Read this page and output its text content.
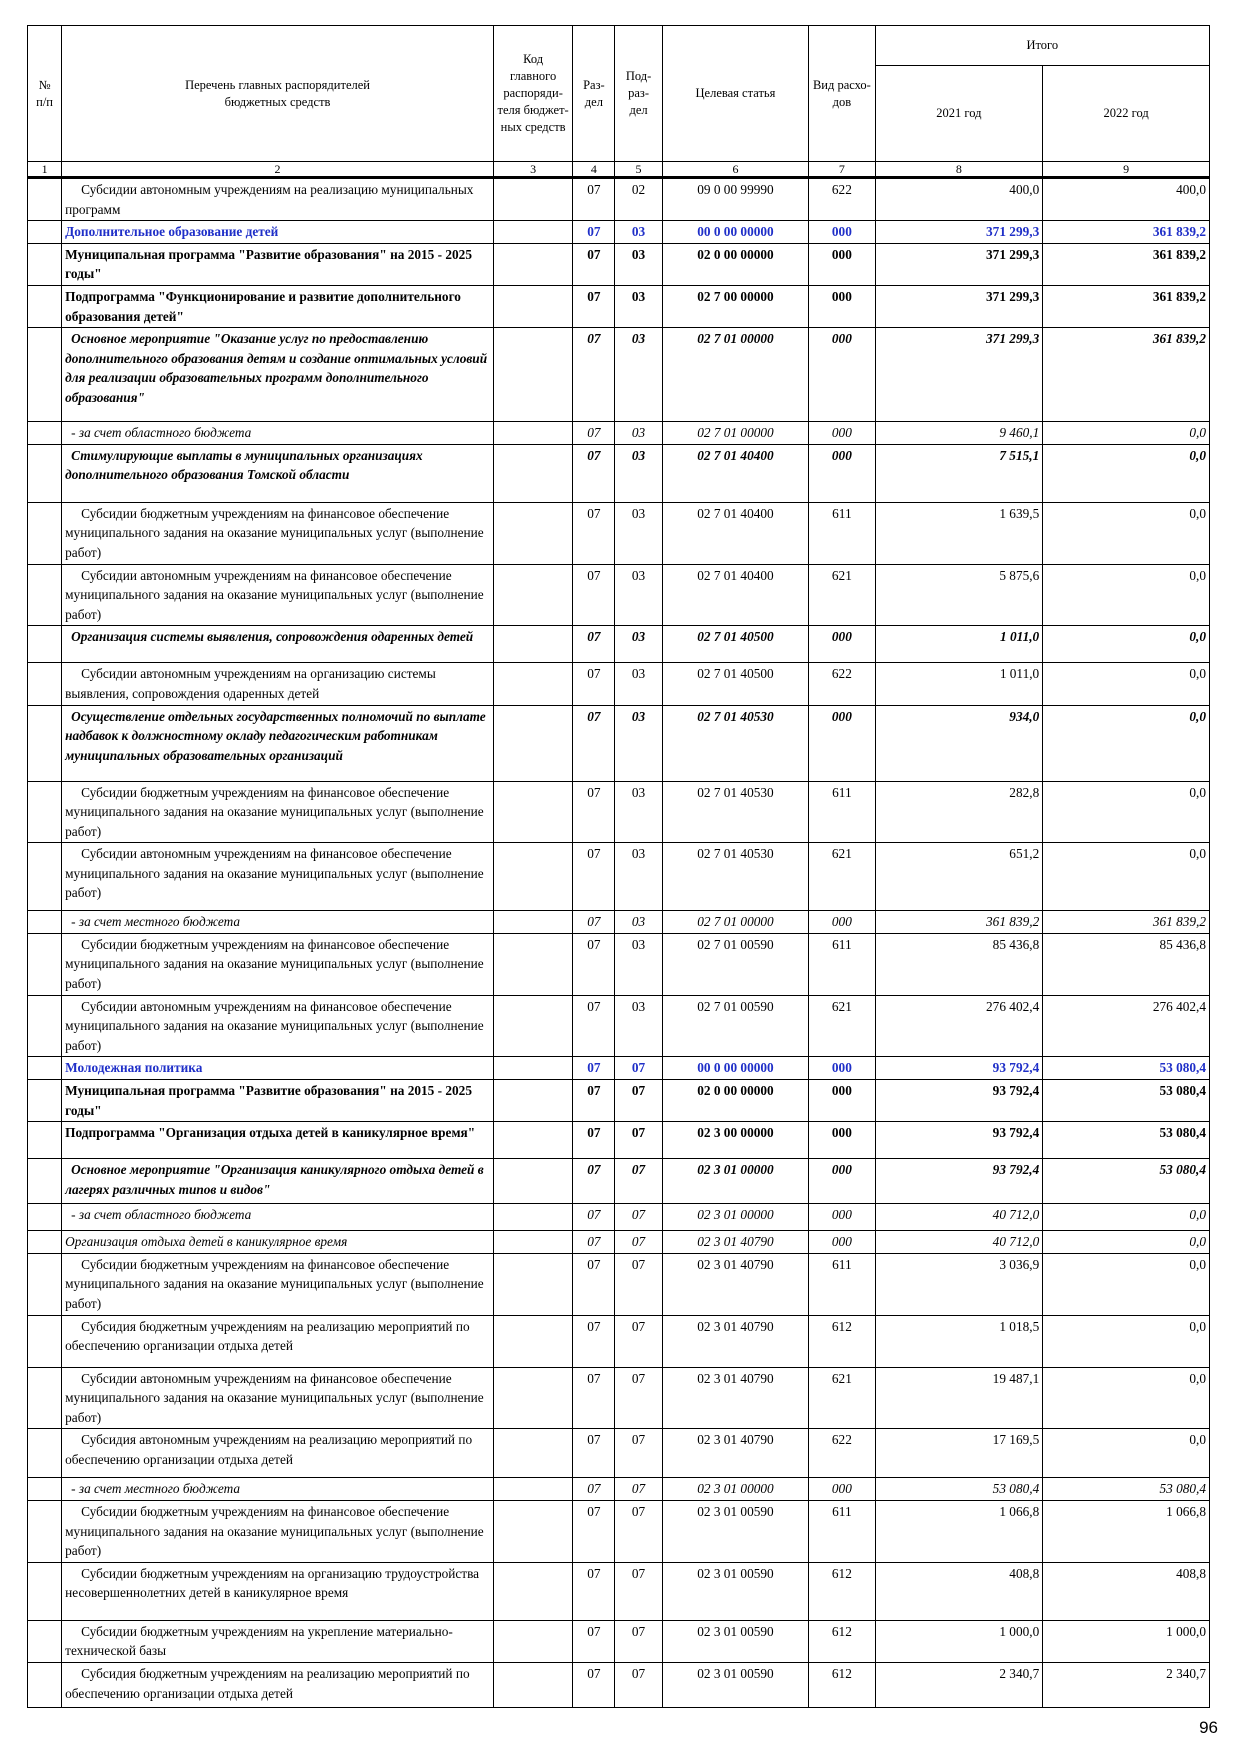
№
п/п	Перечень главных распорядителей
бюджетных средств	Код
главного
распоряди-
теля бюджет-
ных средств	Раз-
дел	Под-
раз-
дел	Целевая статья	Вид расхо-
дов	Итого	
							2021 год	2022 год
1	2	3	4	5	6	7	8	9
	Субсидии автономным учреждениям на реализацию муниципальных программ		07	02	09 0 00 99990	622	400,0	400,0
	Дополнительное образование детей		07	03	00 0 00 00000	000	371 299,3	361 839,2
	Муниципальная программа "Развитие образования" на 2015 - 2025 годы"		07	03	02 0 00 00000	000	371 299,3	361 839,2
	Подпрограмма "Функционирование и развитие дополнительного образования детей"		07	03	02 7 00 00000	000	371 299,3	361 839,2
	Основное мероприятие "Оказание услуг по предоставлению дополнительного образования детям и создание оптимальных условий для реализации образовательных программ дополнительного образования"		07	03	02 7 01 00000	000	371 299,3	361 839,2
	- за счет областного бюджета		07	03	02 7 01 00000	000	9 460,1	0,0
	Стимулирующие выплаты в муниципальных организациях дополнительного образования Томской области		07	03	02 7 01 40400	000	7 515,1	0,0
	Субсидии бюджетным учреждениям на финансовое обеспечение муниципального задания на оказание муниципальных услуг (выполнение работ)		07	03	02 7 01 40400	611	1 639,5	0,0
	Субсидии автономным учреждениям на финансовое обеспечение муниципального задания на оказание муниципальных услуг (выполнение работ)		07	03	02 7 01 40400	621	5 875,6	0,0
	Организация системы выявления, сопровождения одаренных детей		07	03	02 7 01 40500	000	1 011,0	0,0
	Субсидии автономным учреждениям на организацию системы выявления, сопровождения одаренных детей		07	03	02 7 01 40500	622	1 011,0	0,0
	Осуществление отдельных государственных полномочий по выплате надбавок к должностному окладу педагогическим работникам муниципальных образовательных организаций		07	03	02 7 01 40530	000	934,0	0,0
	Субсидии бюджетным учреждениям на финансовое обеспечение муниципального задания на оказание муниципальных услуг (выполнение работ)		07	03	02 7 01 40530	611	282,8	0,0
	Субсидии автономным учреждениям на финансовое обеспечение муниципального задания на оказание муниципальных услуг (выполнение работ)		07	03	02 7 01 40530	621	651,2	0,0
	- за счет местного бюджета		07	03	02 7 01 00000	000	361 839,2	361 839,2
	Субсидии бюджетным учреждениям на финансовое обеспечение муниципального задания на оказание муниципальных услуг (выполнение работ)		07	03	02 7 01 00590	611	85 436,8	85 436,8
	Субсидии автономным учреждениям на финансовое обеспечение муниципального задания на оказание муниципальных услуг (выполнение работ)		07	03	02 7 01 00590	621	276 402,4	276 402,4
	Молодежная политика		07	07	00 0 00 00000	000	93 792,4	53 080,4
	Муниципальная программа "Развитие образования" на 2015 - 2025 годы"		07	07	02 0 00 00000	000	93 792,4	53 080,4
	Подпрограмма "Организация отдыха детей в каникулярное время"		07	07	02 3 00 00000	000	93 792,4	53 080,4
	Основное мероприятие "Организация каникулярного отдыха детей в лагерях различных типов и видов"		07	07	02 3 01 00000	000	93 792,4	53 080,4
	- за счет областного бюджета		07	07	02 3 01 00000	000	40 712,0	0,0
	Организация отдыха детей в каникулярное время		07	07	02 3 01 40790	000	40 712,0	0,0
	Субсидии бюджетным учреждениям на финансовое обеспечение муниципального задания на оказание муниципальных услуг (выполнение работ)		07	07	02 3 01 40790	611	3 036,9	0,0
	Субсидия бюджетным учреждениям на реализацию мероприятий по обеспечению организации отдыха детей		07	07	02 3 01 40790	612	1 018,5	0,0
	Субсидии автономным учреждениям на финансовое обеспечение муниципального задания на оказание муниципальных услуг (выполнение работ)		07	07	02 3 01 40790	621	19 487,1	0,0
	Субсидия автономным учреждениям на реализацию мероприятий по обеспечению организации отдыха детей		07	07	02 3 01 40790	622	17 169,5	0,0
	- за счет местного бюджета		07	07	02 3 01 00000	000	53 080,4	53 080,4
	Субсидии бюджетным учреждениям на финансовое обеспечение муниципального задания на оказание муниципальных услуг (выполнение работ)		07	07	02 3 01 00590	611	1 066,8	1 066,8
	Субсидии бюджетным учреждениям на организацию трудоустройства несовершеннолетних детей в каникулярное время		07	07	02 3 01 00590	612	408,8	408,8
	Субсидии бюджетным учреждениям на укрепление материально-технической базы		07	07	02 3 01 00590	612	1 000,0	1 000,0
	Субсидия бюджетным учреждениям на реализацию мероприятий по обеспечению организации отдыха детей		07	07	02 3 01 00590	612	2 340,7	2 340,7
96
